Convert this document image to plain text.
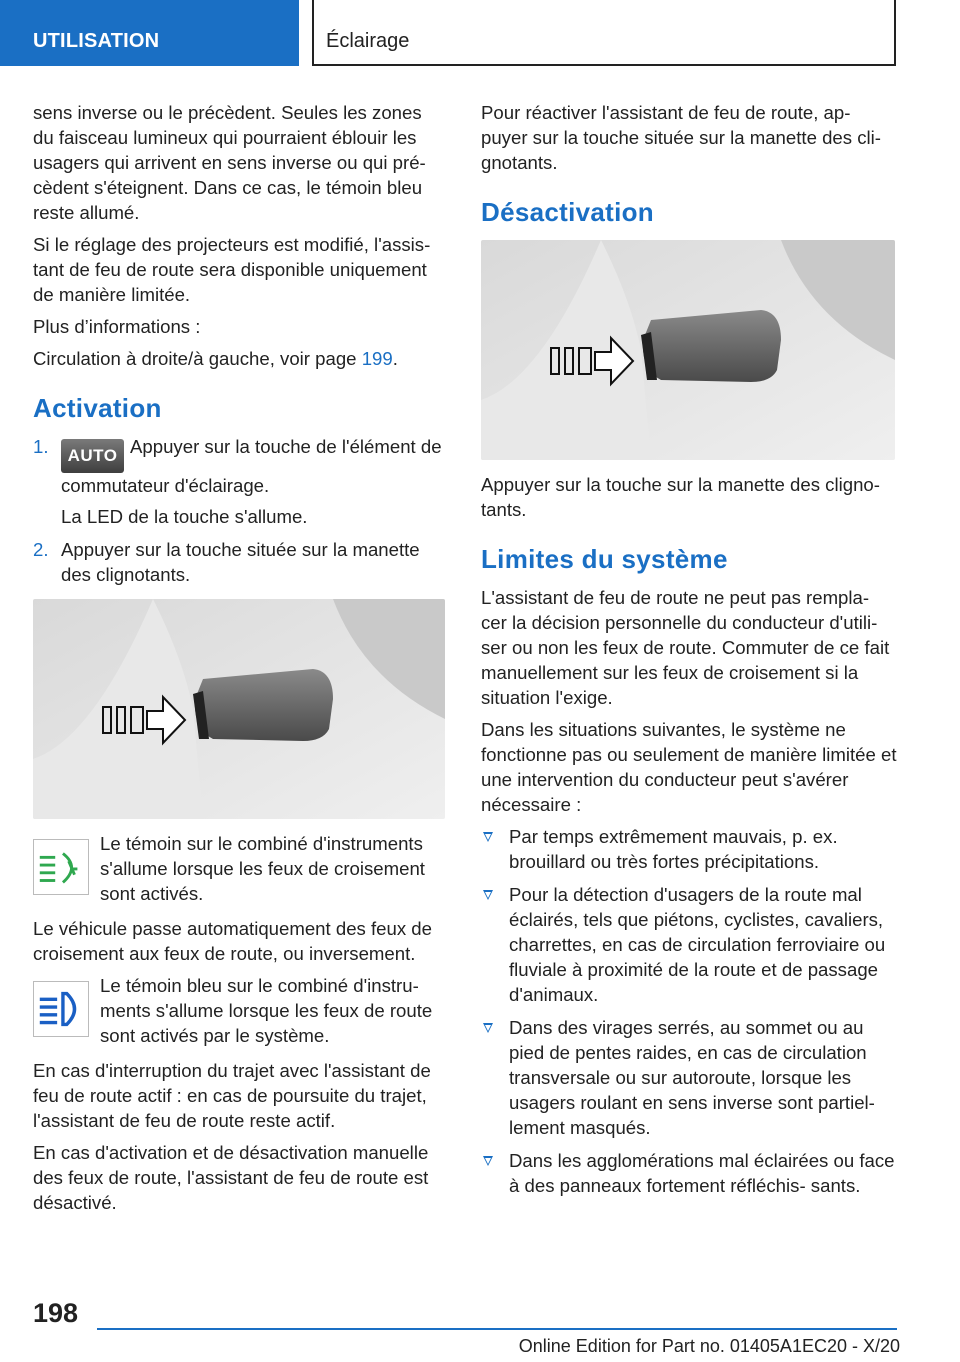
UTILISATION	Éclairage

sens inverse ou le précèdent. Seules les zones du faisceau lumineux qui pourraient éblouir les usagers qui arrivent en sens inverse ou qui pré- cèdent s'éteignent. Dans ce cas, le témoin bleu reste allumé.

Si le réglage des projecteurs est modifié, l'assis- tant de feu de route sera disponible uniquement de manière limitée.

Plus d’informations :

Circulation à droite/à gauche, voir page 199.

Activation
1. AUTO Appuyer sur la touche de l'élément de commutateur d'éclairage.
La LED de la touche s'allume.
2. Appuyer sur la touche située sur la manette des clignotants.

Le témoin sur le combiné d'instruments s'allume lorsque les feux de croisement sont activés.

Le véhicule passe automatiquement des feux de croisement aux feux de route, ou inversement.

Le témoin bleu sur le combiné d'instru- ments s'allume lorsque les feux de route sont activés par le système.

En cas d'interruption du trajet avec l'assistant de feu de route actif : en cas de poursuite du trajet, l'assistant de feu de route reste actif.

En cas d'activation et de désactivation manuelle des feux de route, l'assistant de feu de route est désactivé.

Pour réactiver l'assistant de feu de route, ap- puyer sur la touche située sur la manette des cli- gnotants.

Désactivation

Appuyer sur la touche sur la manette des cligno- tants.

Limites du système

L'assistant de feu de route ne peut pas rempla- cer la décision personnelle du conducteur d'utili- ser ou non les feux de route. Commuter de ce fait manuellement sur les feux de croisement si la situation l'exige.

Dans les situations suivantes, le système ne fonctionne pas ou seulement de manière limitée et une intervention du conducteur peut s'avérer nécessaire :

Par temps extrêmement mauvais, p. ex. brouillard ou très fortes précipitations.
Pour la détection d'usagers de la route mal éclairés, tels que piétons, cyclistes, cavaliers, charrettes, en cas de circulation ferroviaire ou fluviale à proximité de la route et de passage d'animaux.
Dans des virages serrés, au sommet ou au pied de pentes raides, en cas de circulation transversale ou sur autoroute, lorsque les usagers roulant en sens inverse sont partiel- lement masqués.
Dans les agglomérations mal éclairées ou face à des panneaux fortement réfléchis- sants.
198
Online Edition for Part no. 01405A1EC20 - X/20
